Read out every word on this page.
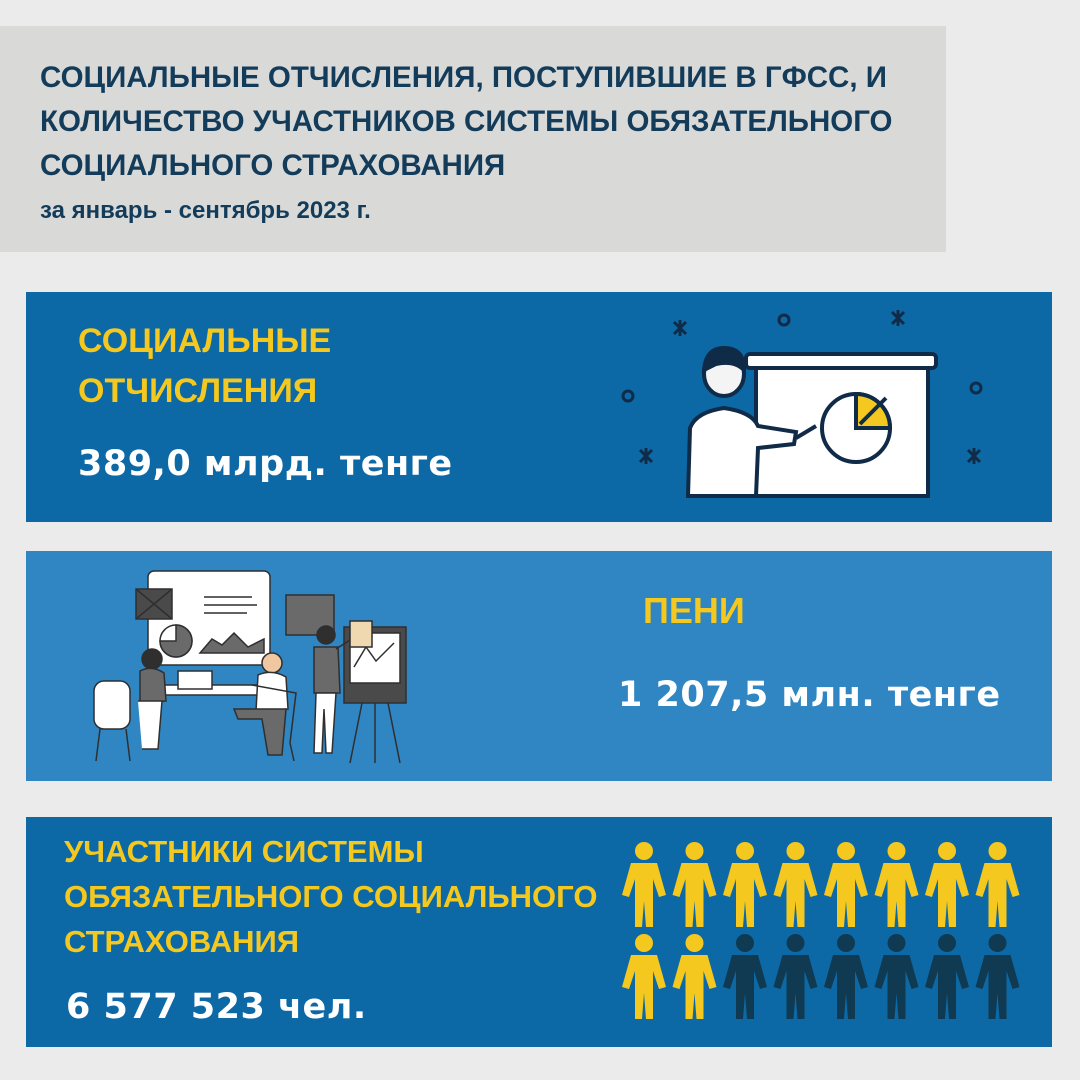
СОЦИАЛЬНЫЕ ОТЧИСЛЕНИЯ, ПОСТУПИВШИЕ В ГФСС, И КОЛИЧЕСТВО УЧАСТНИКОВ СИСТЕМЫ ОБЯЗАТЕЛЬНОГО СОЦИАЛЬНОГО СТРАХОВАНИЯ
за январь - сентябрь 2023 г.
СОЦИАЛЬНЫЕ ОТЧИСЛЕНИЯ
389,0 млрд. тенге
ПЕНИ
1 207,5 млн. тенге
УЧАСТНИКИ СИСТЕМЫ ОБЯЗАТЕЛЬНОГО СОЦИАЛЬНОГО СТРАХОВАНИЯ
6 577 523 чел.
